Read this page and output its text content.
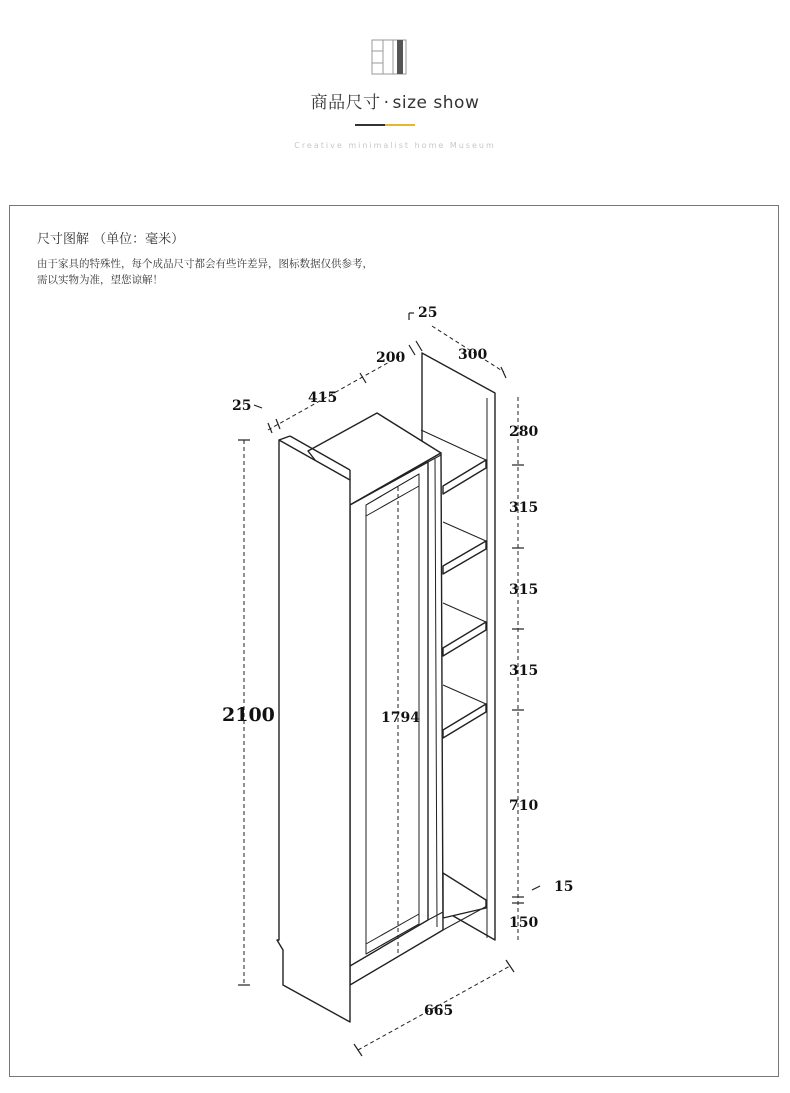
商品尺寸 · size show
Creative minimalist home Museum
尺寸图解 （单位：毫米）
由于家具的特殊性，每个成品尺寸都会有些许差异，图标数据仅供参考，需以实物为准，望您谅解！
25	415
200
25
300
2100	1794
280
315
315
315
710
15
150
665
